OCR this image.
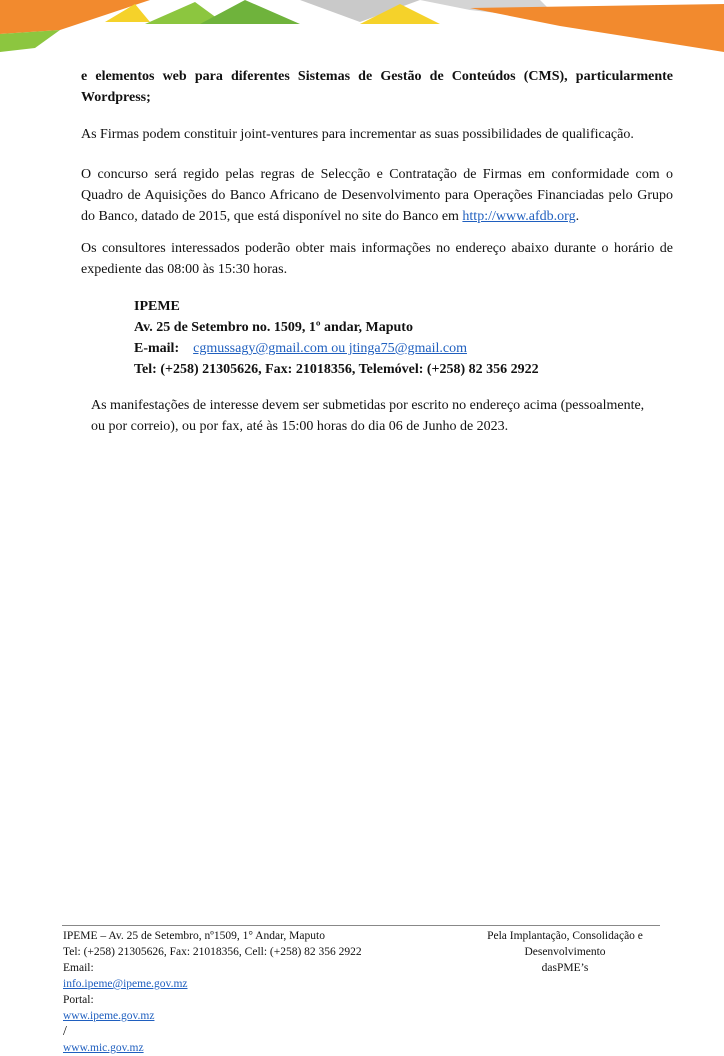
e elementos web para diferentes Sistemas de Gestão de Conteúdos (CMS), particularmente Wordpress;

As Firmas podem constituir joint-ventures para incrementar as suas possibilidades de qualificação.

O concurso será regido pelas regras de Selecção e Contratação de Firmas em conformidade com o Quadro de Aquisições do Banco Africano de Desenvolvimento para Operações Financiadas pelo Grupo do Banco, datado de 2015, que está disponível no site do Banco em http://www.afdb.org.

Os consultores interessados poderão obter mais informações no endereço abaixo durante o horário de expediente das 08:00 às 15:30 horas.

IPEME
Av. 25 de Setembro no. 1509, 1º andar, Maputo
E-mail: cgmussagy@gmail.com ou jtinga75@gmail.com
Tel: (+258) 21305626, Fax: 21018356, Telemóvel: (+258) 82 356 2922

As manifestações de interesse devem ser submetidas por escrito no endereço acima (pessoalmente, ou por correio), ou por fax, até às 15:00 horas do dia 06 de Junho de 2023.

IPEME – Av. 25 de Setembro, nº1509, 1° Andar, Maputo
Tel: (+258) 21305626, Fax: 21018356, Cell: (+258) 82 356 2922
Email:
info.ipeme@ipeme.gov.mz
Portal:
www.ipeme.gov.mz
/
www.mic.gov.mz
Pela Implantação, Consolidação e
Desenvolvimento
dasPME’s
